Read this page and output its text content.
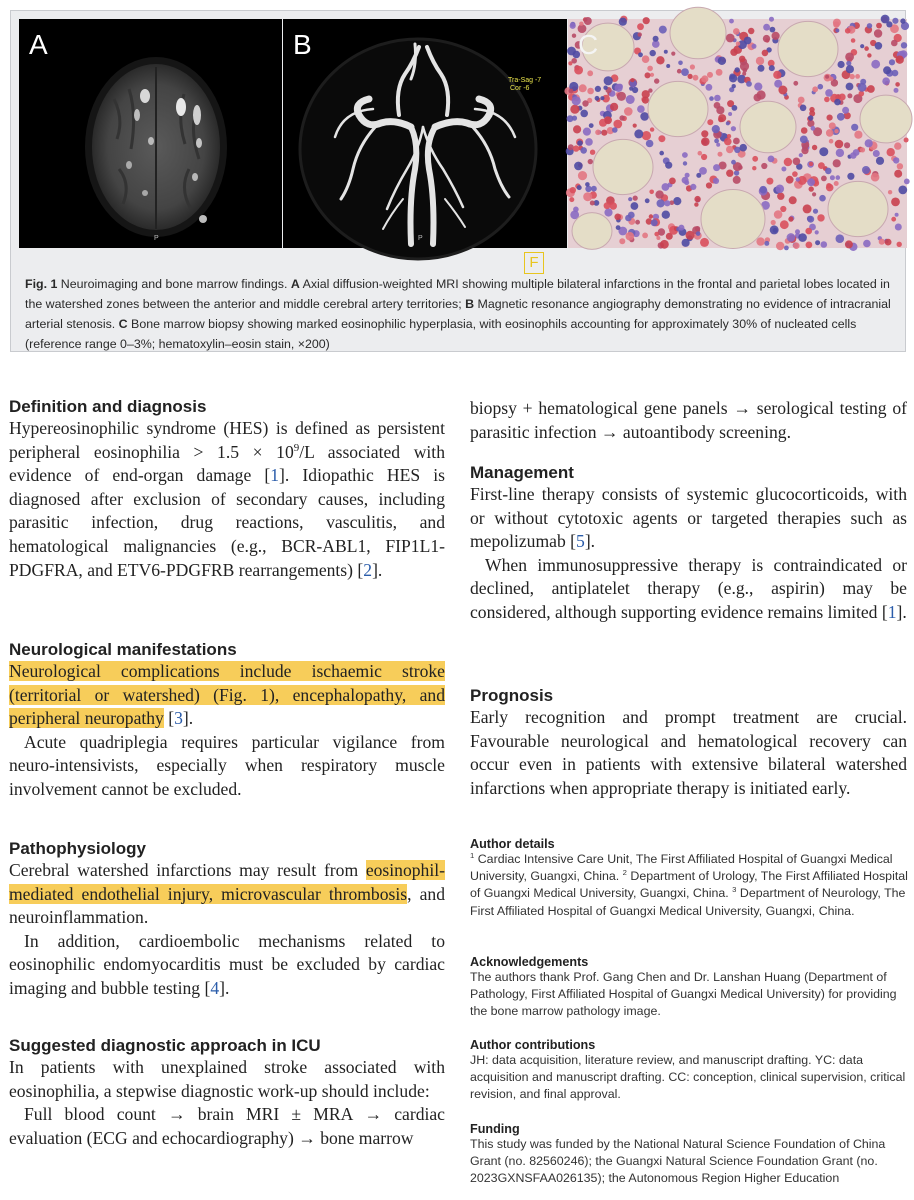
A
P
B
Tra-Sag -7
Cor -6
F
P
C

Fig. 1 Neuroimaging and bone marrow findings. A Axial diffusion-weighted MRI showing multiple bilateral infarctions in the frontal and parietal lobes located in the watershed zones between the anterior and middle cerebral artery territories; B Magnetic resonance angiography demonstrating no evidence of intracranial arterial stenosis. C Bone marrow biopsy showing marked eosinophilic hyperplasia, with eosinophils accounting for approximately 30% of nucleated cells (reference range 0–3%; hematoxylin–eosin stain, ×200)

Definition and diagnosis

Hypereosinophilic syndrome (HES) is defined as persistent peripheral eosinophilia > $1.5 \times 10^9/L$ associated with evidence of end-organ damage [1]. Idiopathic HES is diagnosed after exclusion of secondary causes, including parasitic infection, drug reactions, vasculitis, and hematological malignancies (e.g., BCR-ABL1, FIP1L1-PDGFRA, and ETV6-PDGFRB rearrangements) [2].

Neurological manifestations

Neurological complications include ischaemic stroke (territorial or watershed) (Fig. 1), encephalopathy, and peripheral neuropathy [3].

Acute quadriplegia requires particular vigilance from neuro-intensivists, especially when respiratory muscle involvement cannot be excluded.

Pathophysiology

Cerebral watershed infarctions may result from eosinophil-mediated endothelial injury, microvascular thrombosis, and neuroinflammation.

In addition, cardioembolic mechanisms related to eosinophilic endomyocarditis must be excluded by cardiac imaging and bubble testing [4].

Suggested diagnostic approach in ICU

In patients with unexplained stroke associated with eosinophilia, a stepwise diagnostic work-up should include:

Full blood count → brain MRI ± MRA → cardiac evaluation (ECG and echocardiography) → bone marrow

biopsy + hematological gene panels → serological testing of parasitic infection → autoantibody screening.

Management

First-line therapy consists of systemic glucocorticoids, with or without cytotoxic agents or targeted therapies such as mepolizumab [5].

When immunosuppressive therapy is contraindicated or declined, antiplatelet therapy (e.g., aspirin) may be considered, although supporting evidence remains limited [1].

Prognosis

Early recognition and prompt treatment are crucial. Favourable neurological and hematological recovery can occur even in patients with extensive bilateral watershed infarctions when appropriate therapy is initiated early.

Author details

$^1$ Cardiac Intensive Care Unit, The First Affiliated Hospital of Guangxi Medical University, Guangxi, China. $^2$ Department of Urology, The First Affiliated Hospital of Guangxi Medical University, Guangxi, China. $^3$ Department of Neurology, The First Affiliated Hospital of Guangxi Medical University, Guangxi, China.

Acknowledgements

The authors thank Prof. Gang Chen and Dr. Lanshan Huang (Department of Pathology, First Affiliated Hospital of Guangxi Medical University) for providing the bone marrow pathology image.

Author contributions

JH: data acquisition, literature review, and manuscript drafting. YC: data acquisition and manuscript drafting. CC: conception, clinical supervision, critical revision, and final approval.

Funding

This study was funded by the National Natural Science Foundation of China Grant (no. 82560246); the Guangxi Natural Science Foundation Grant (no. 2023GXNSFAA026135); the Autonomous Region Higher Education
